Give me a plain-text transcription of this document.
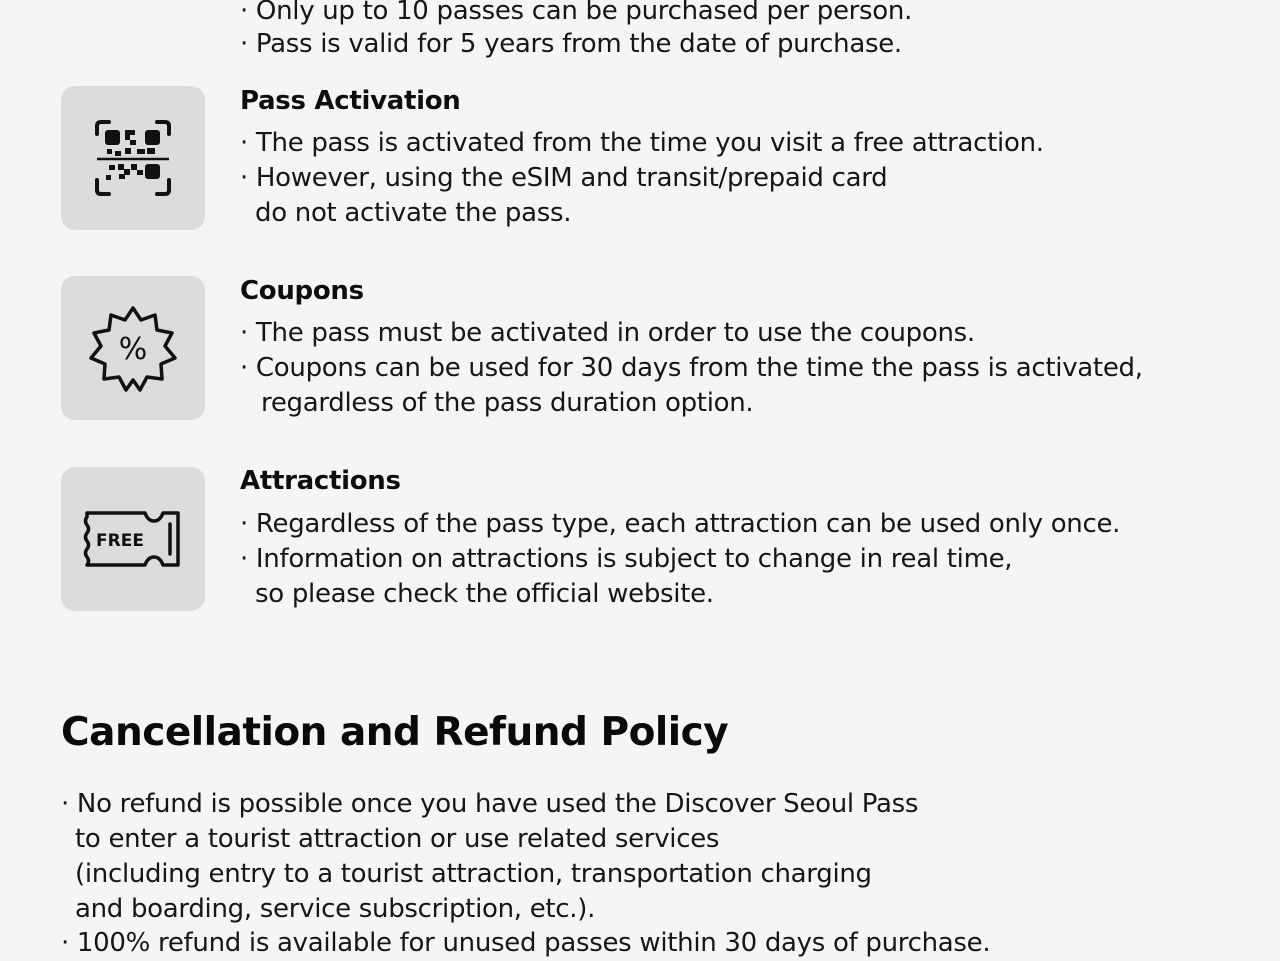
· Only up to 10 passes can be purchased per person.
· Pass is valid for 5 years from the date of purchase.
Pass Activation
· The pass is activated from the time you visit a free attraction.
· However, using the eSIM and transit/prepaid card
do not activate the pass.
%
Coupons
· The pass must be activated in order to use the coupons.
· Coupons can be used for 30 days from the time the pass is activated,
regardless of the pass duration option.
FREE
Attractions
· Regardless of the pass type, each attraction can be used only once.
· Information on attractions is subject to change in real time,
so please check the official website.
Cancellation and Refund Policy
· No refund is possible once you have used the Discover Seoul Pass
to enter a tourist attraction or use related services
(including entry to a tourist attraction, transportation charging
and boarding, service subscription, etc.).
· 100% refund is available for unused passes within 30 days of purchase.
